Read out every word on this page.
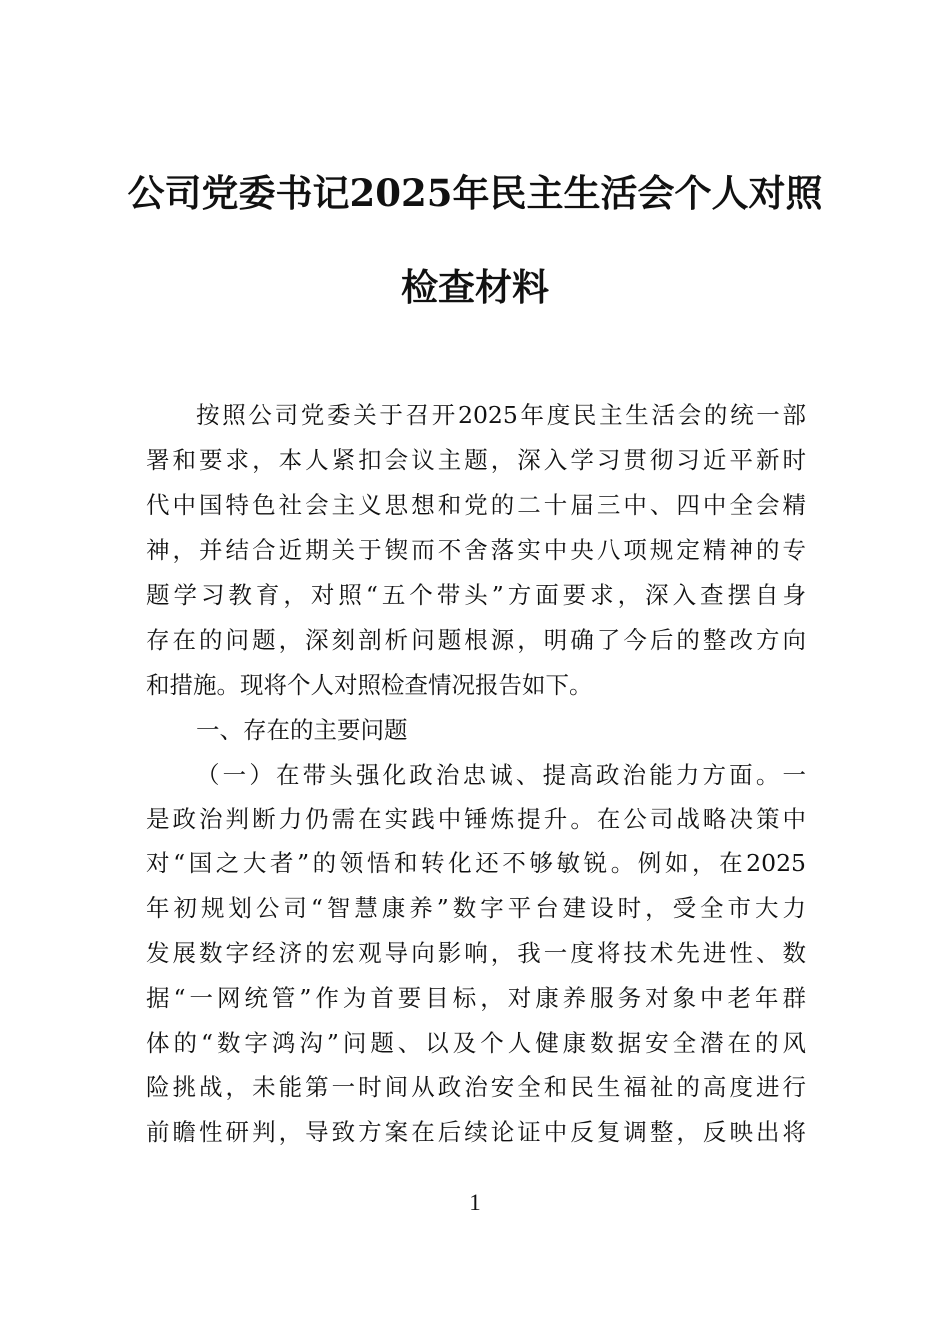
公司党委书记2025年民主生活会个人对照
检查材料
按照公司党委关于召开2025年度民主生活会的统一部
署和要求，本人紧扣会议主题，深入学习贯彻习近平新时
代中国特色社会主义思想和党的二十届三中、四中全会精
神，并结合近期关于锲而不舍落实中央八项规定精神的专
题学习教育，对照“五个带头”方面要求，深入查摆自身
存在的问题，深刻剖析问题根源，明确了今后的整改方向
和措施。现将个人对照检查情况报告如下。
一、存在的主要问题
（一）在带头强化政治忠诚、提高政治能力方面。一
是政治判断力仍需在实践中锤炼提升。在公司战略决策中
对“国之大者”的领悟和转化还不够敏锐。例如，在2025
年初规划公司“智慧康养”数字平台建设时，受全市大力
发展数字经济的宏观导向影响，我一度将技术先进性、数
据“一网统管”作为首要目标，对康养服务对象中老年群
体的“数字鸿沟”问题、以及个人健康数据安全潜在的风
险挑战，未能第一时间从政治安全和民生福祉的高度进行
前瞻性研判，导致方案在后续论证中反复调整，反映出将
1
